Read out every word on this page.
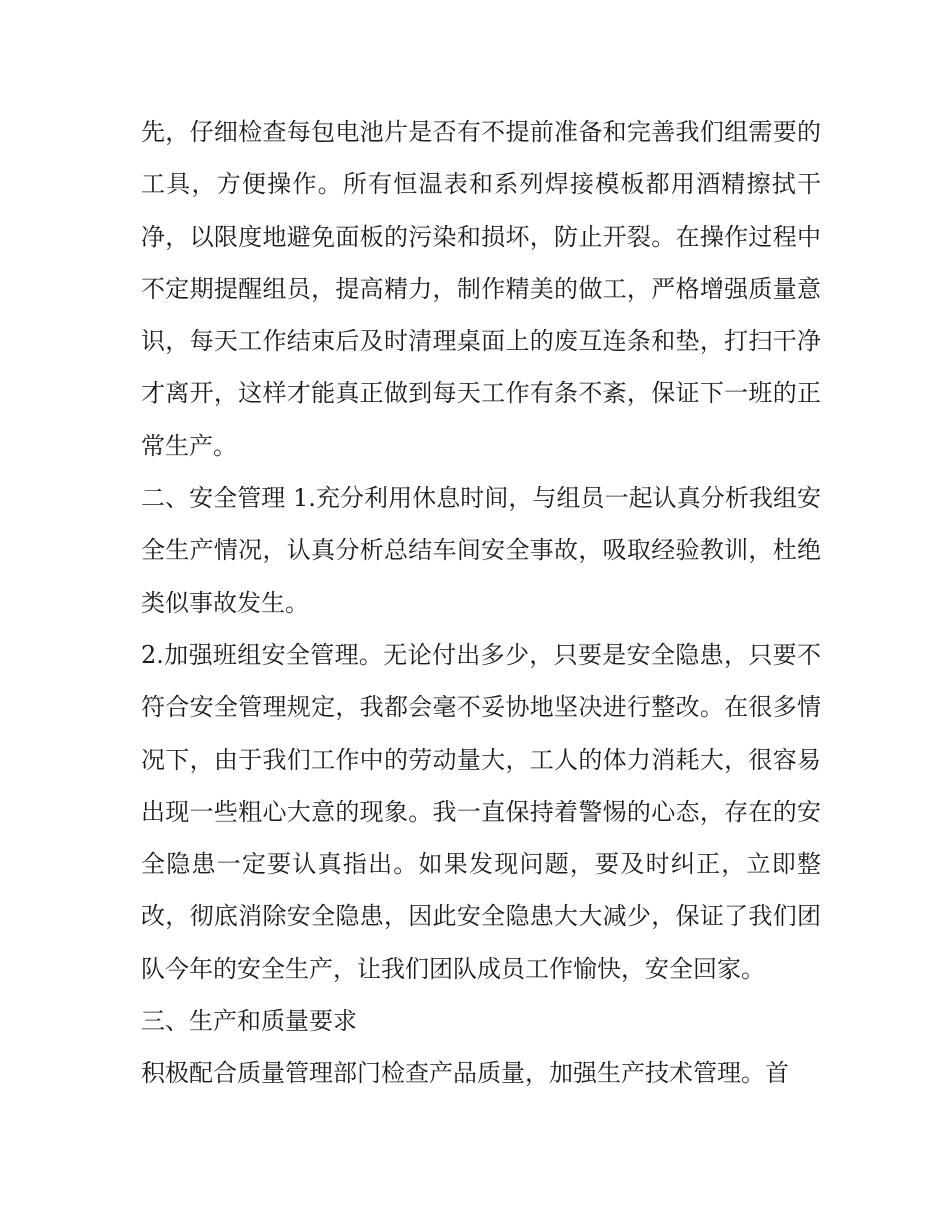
先，仔细检查每包电池片是否有不提前准备和完善我们组需要的工具，方便操作。所有恒温表和系列焊接模板都用酒精擦拭干净，以限度地避免面板的污染和损坏，防止开裂。在操作过程中不定期提醒组员，提高精力，制作精美的做工，严格增强质量意识，每天工作结束后及时清理桌面上的废互连条和垫，打扫干净才离开，这样才能真正做到每天工作有条不紊，保证下一班的正常生产。

二、安全管理 1.充分利用休息时间，与组员一起认真分析我组安全生产情况，认真分析总结车间安全事故，吸取经验教训，杜绝类似事故发生。

2.加强班组安全管理。无论付出多少，只要是安全隐患，只要不符合安全管理规定，我都会毫不妥协地坚决进行整改。在很多情况下，由于我们工作中的劳动量大，工人的体力消耗大，很容易出现一些粗心大意的现象。我一直保持着警惕的心态，存在的安全隐患一定要认真指出。如果发现问题，要及时纠正，立即整改，彻底消除安全隐患，因此安全隐患大大减少，保证了我们团队今年的安全生产，让我们团队成员工作愉快，安全回家。

三、生产和质量要求

积极配合质量管理部门检查产品质量，加强生产技术管理。首
